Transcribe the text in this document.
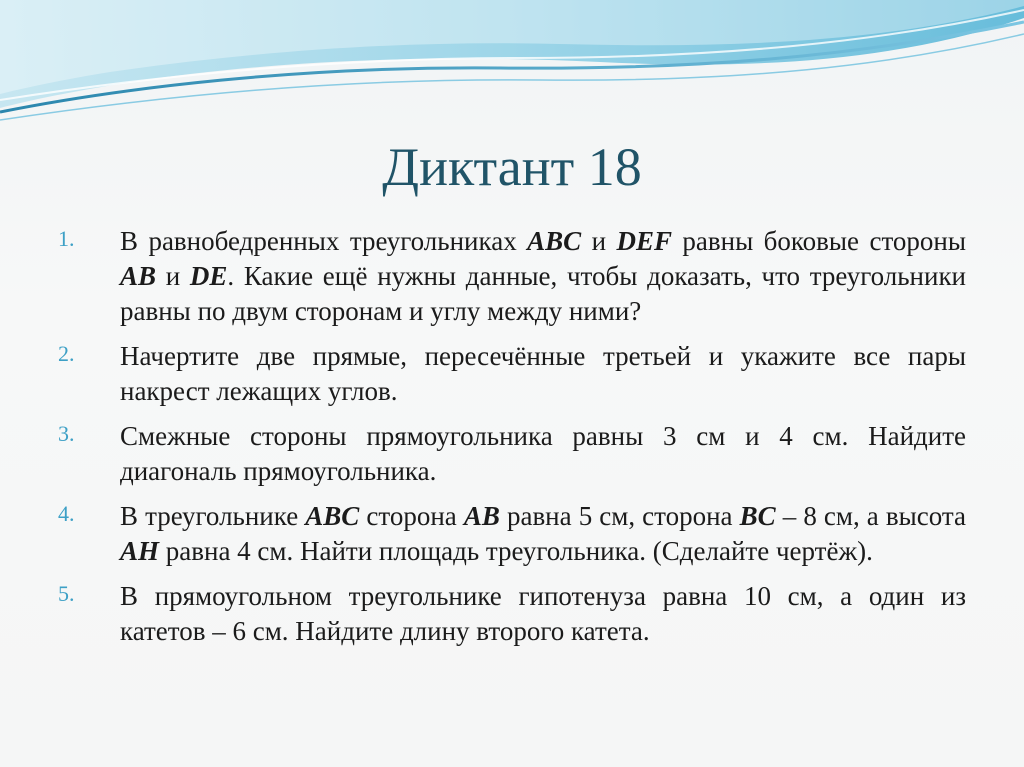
Диктант 18
1. В равнобедренных треугольниках ABC и DEF равны боковые стороны AB и DE. Какие ещё нужны данные, чтобы доказать, что треугольники равны по двум сторонам и углу между ними?
2. Начертите две прямые, пересечённые третьей и укажите все пары накрест лежащих углов.
3. Смежные стороны прямоугольника равны 3 см и 4 см. Найдите диагональ прямоугольника.
4. В треугольнике ABC сторона AB равна 5 см, сторона BC – 8 см, а высота AH равна 4 см. Найти площадь треугольника. (Сделайте чертёж).
5. В прямоугольном треугольнике гипотенуза равна 10 см, а один из катетов – 6 см. Найдите длину второго катета.
